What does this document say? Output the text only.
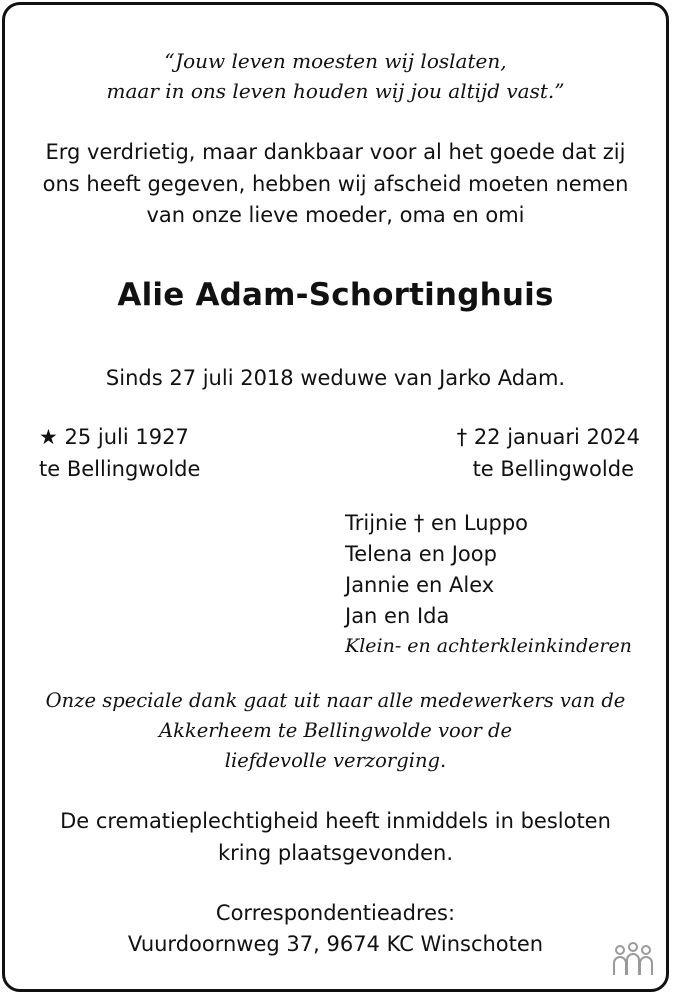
“Jouw leven moesten wij loslaten,
maar in ons leven houden wij jou altijd vast.”
Erg verdrietig, maar dankbaar voor al het goede dat zij
ons heeft gegeven, hebben wij afscheid moeten nemen
van onze lieve moeder, oma en omi
Alie Adam-Schortinghuis
Sinds 27 juli 2018 weduwe van Jarko Adam.
★ 25 juli 1927
te Bellingwolde
† 22 januari 2024
te Bellingwolde
Trijnie † en Luppo
Telena en Joop
Jannie en Alex
Jan en Ida
Klein- en achterkleinkinderen
Onze speciale dank gaat uit naar alle medewerkers van de
Akkerheem te Bellingwolde voor de
liefdevolle verzorging.
De crematieplechtigheid heeft inmiddels in besloten
kring plaatsgevonden.
Correspondentieadres:
Vuurdoornweg 37, 9674 KC Winschoten
